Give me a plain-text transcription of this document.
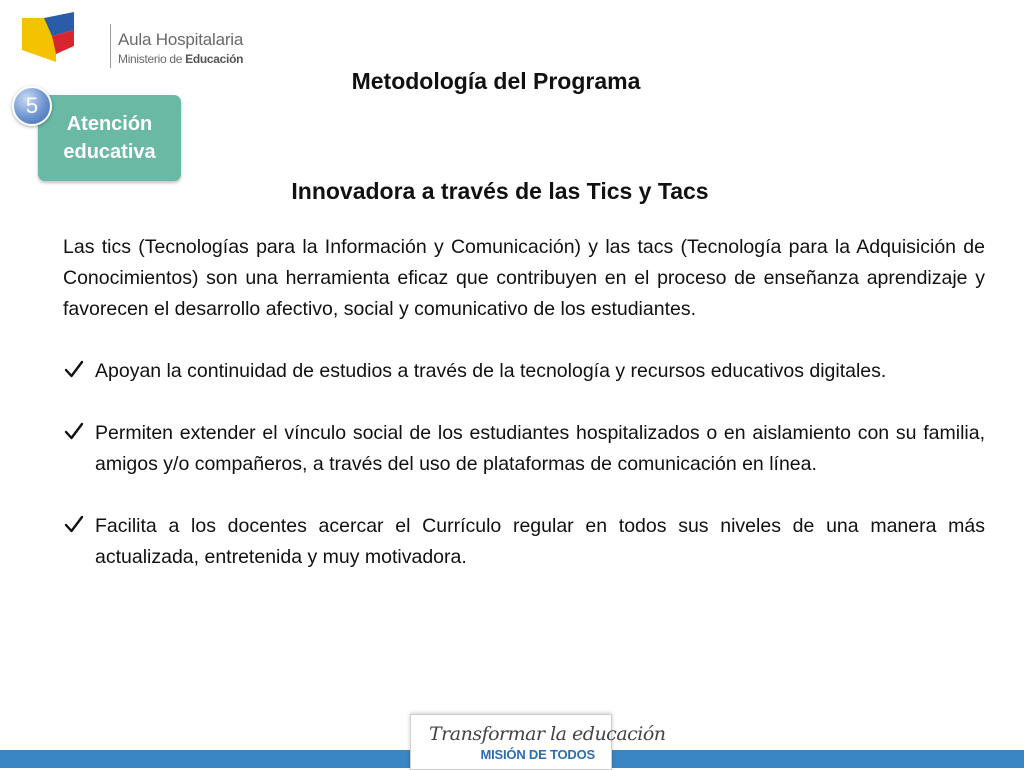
Aula Hospitalaria
Ministerio de Educación
Metodología del Programa
Atención
educativa
5
Innovadora a través de las Tics y Tacs

Las tics (Tecnologías para la Información y Comunicación) y las tacs (Tecnología para la Adquisición de Conocimientos) son una herramienta eficaz que contribuyen en el proceso de enseñanza aprendizaje y favorecen el desarrollo afectivo, social y comunicativo de los estudiantes.

Apoyan la continuidad de estudios a través de la tecnología y recursos educativos digitales.
Permiten extender el vínculo social de los estudiantes hospitalizados o en aislamiento con su familia, amigos y/o compañeros, a través del uso de plataformas de comunicación en línea.
Facilita a los docentes acercar el Currículo regular en todos sus niveles de una manera más actualizada, entretenida y muy motivadora.
Transformar la educación
MISIÓN DE TODOS
